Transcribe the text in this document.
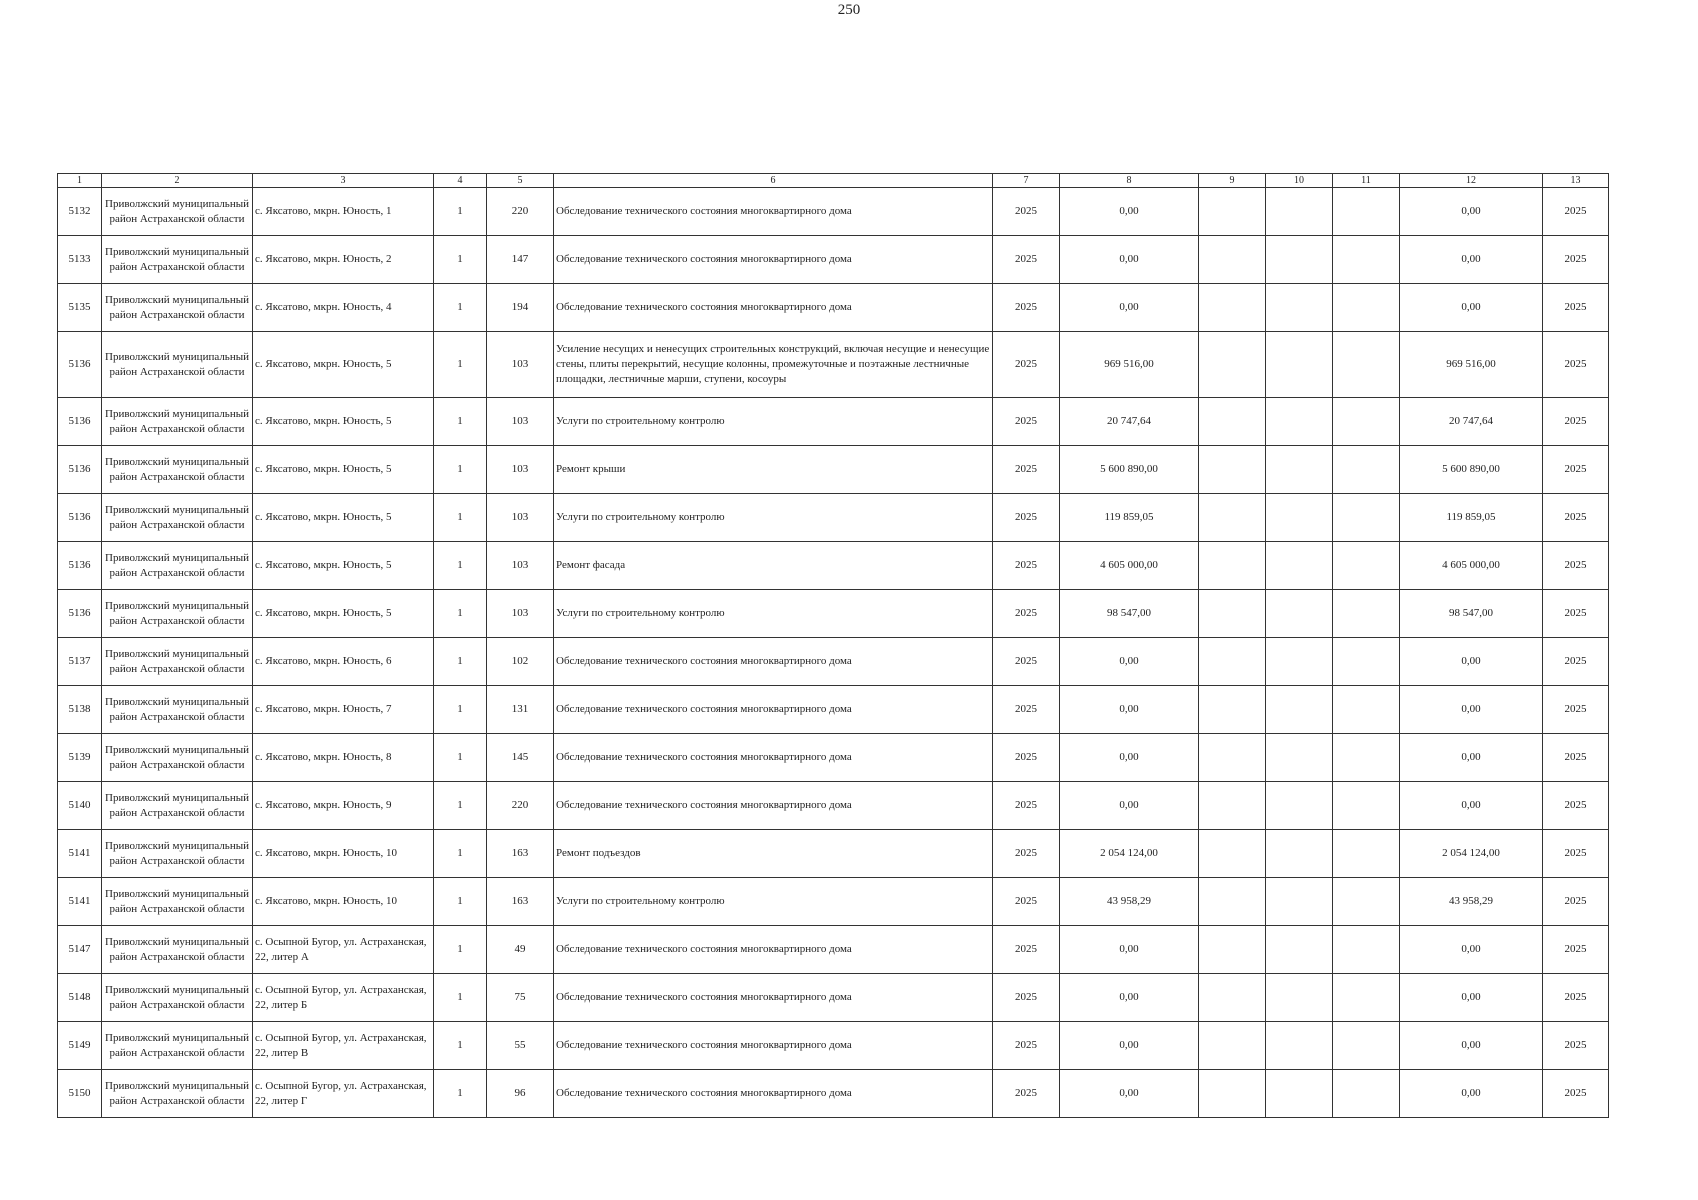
250
1	2	3	4	5	6	7	8	9	10	11	12	13
5132	Приволжский муниципальный район Астраханской области	с. Яксатово, мкрн. Юность, 1	1	220	Обследование технического состояния многоквартирного дома	2025	0,00				0,00	2025
5133	Приволжский муниципальный район Астраханской области	с. Яксатово, мкрн. Юность, 2	1	147	Обследование технического состояния многоквартирного дома	2025	0,00				0,00	2025
5135	Приволжский муниципальный район Астраханской области	с. Яксатово, мкрн. Юность, 4	1	194	Обследование технического состояния многоквартирного дома	2025	0,00				0,00	2025
5136	Приволжский муниципальный район Астраханской области	с. Яксатово, мкрн. Юность, 5	1	103	Усиление несущих и ненесущих строительных конструкций, включая несущие и ненесущие стены, плиты перекрытий, несущие колонны, промежуточные и поэтажные лестничные площадки, лестничные марши, ступени, косоуры	2025	969 516,00				969 516,00	2025
5136	Приволжский муниципальный район Астраханской области	с. Яксатово, мкрн. Юность, 5	1	103	Услуги по строительному контролю	2025	20 747,64				20 747,64	2025
5136	Приволжский муниципальный район Астраханской области	с. Яксатово, мкрн. Юность, 5	1	103	Ремонт крыши	2025	5 600 890,00				5 600 890,00	2025
5136	Приволжский муниципальный район Астраханской области	с. Яксатово, мкрн. Юность, 5	1	103	Услуги по строительному контролю	2025	119 859,05				119 859,05	2025
5136	Приволжский муниципальный район Астраханской области	с. Яксатово, мкрн. Юность, 5	1	103	Ремонт фасада	2025	4 605 000,00				4 605 000,00	2025
5136	Приволжский муниципальный район Астраханской области	с. Яксатово, мкрн. Юность, 5	1	103	Услуги по строительному контролю	2025	98 547,00				98 547,00	2025
5137	Приволжский муниципальный район Астраханской области	с. Яксатово, мкрн. Юность, 6	1	102	Обследование технического состояния многоквартирного дома	2025	0,00				0,00	2025
5138	Приволжский муниципальный район Астраханской области	с. Яксатово, мкрн. Юность, 7	1	131	Обследование технического состояния многоквартирного дома	2025	0,00				0,00	2025
5139	Приволжский муниципальный район Астраханской области	с. Яксатово, мкрн. Юность, 8	1	145	Обследование технического состояния многоквартирного дома	2025	0,00				0,00	2025
5140	Приволжский муниципальный район Астраханской области	с. Яксатово, мкрн. Юность, 9	1	220	Обследование технического состояния многоквартирного дома	2025	0,00				0,00	2025
5141	Приволжский муниципальный район Астраханской области	с. Яксатово, мкрн. Юность, 10	1	163	Ремонт подъездов	2025	2 054 124,00				2 054 124,00	2025
5141	Приволжский муниципальный район Астраханской области	с. Яксатово, мкрн. Юность, 10	1	163	Услуги по строительному контролю	2025	43 958,29				43 958,29	2025
5147	Приволжский муниципальный район Астраханской области	с. Осыпной Бугор, ул. Астраханская, 22, литер А	1	49	Обследование технического состояния многоквартирного дома	2025	0,00				0,00	2025
5148	Приволжский муниципальный район Астраханской области	с. Осыпной Бугор, ул. Астраханская, 22, литер Б	1	75	Обследование технического состояния многоквартирного дома	2025	0,00				0,00	2025
5149	Приволжский муниципальный район Астраханской области	с. Осыпной Бугор, ул. Астраханская, 22, литер В	1	55	Обследование технического состояния многоквартирного дома	2025	0,00				0,00	2025
5150	Приволжский муниципальный район Астраханской области	с. Осыпной Бугор, ул. Астраханская, 22, литер Г	1	96	Обследование технического состояния многоквартирного дома	2025	0,00				0,00	2025
